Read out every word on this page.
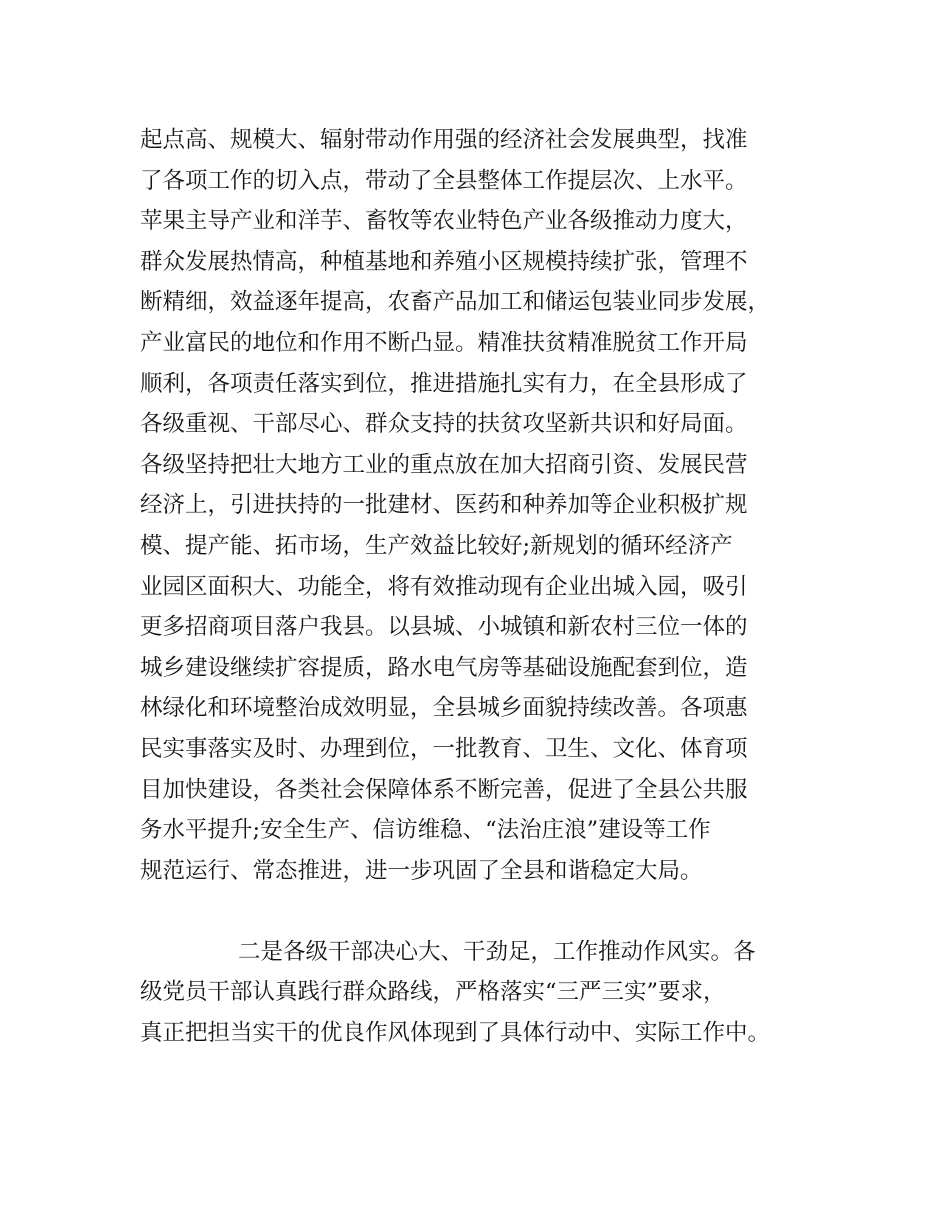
起点高、规模大、辐射带动作用强的经济社会发展典型，找准
了各项工作的切入点，带动了全县整体工作提层次、上水平。
苹果主导产业和洋芋、畜牧等农业特色产业各级推动力度大，
群众发展热情高，种植基地和养殖小区规模持续扩张，管理不
断精细，效益逐年提高，农畜产品加工和储运包装业同步发展，
产业富民的地位和作用不断凸显。精准扶贫精准脱贫工作开局
顺利，各项责任落实到位，推进措施扎实有力，在全县形成了
各级重视、干部尽心、群众支持的扶贫攻坚新共识和好局面。
各级坚持把壮大地方工业的重点放在加大招商引资、发展民营
经济上，引进扶持的一批建材、医药和种养加等企业积极扩规
模、提产能、拓市场，生产效益比较好;新规划的循环经济产
业园区面积大、功能全，将有效推动现有企业出城入园，吸引
更多招商项目落户我县。以县城、小城镇和新农村三位一体的
城乡建设继续扩容提质，路水电气房等基础设施配套到位，造
林绿化和环境整治成效明显，全县城乡面貌持续改善。各项惠
民实事落实及时、办理到位，一批教育、卫生、文化、体育项
目加快建设，各类社会保障体系不断完善，促进了全县公共服
务水平提升;安全生产、信访维稳、“法治庄浪”建设等工作
规范运行、常态推进，进一步巩固了全县和谐稳定大局。
二是各级干部决心大、干劲足，工作推动作风实。各
级党员干部认真践行群众路线，严格落实“三严三实”要求，
真正把担当实干的优良作风体现到了具体行动中、实际工作中。
